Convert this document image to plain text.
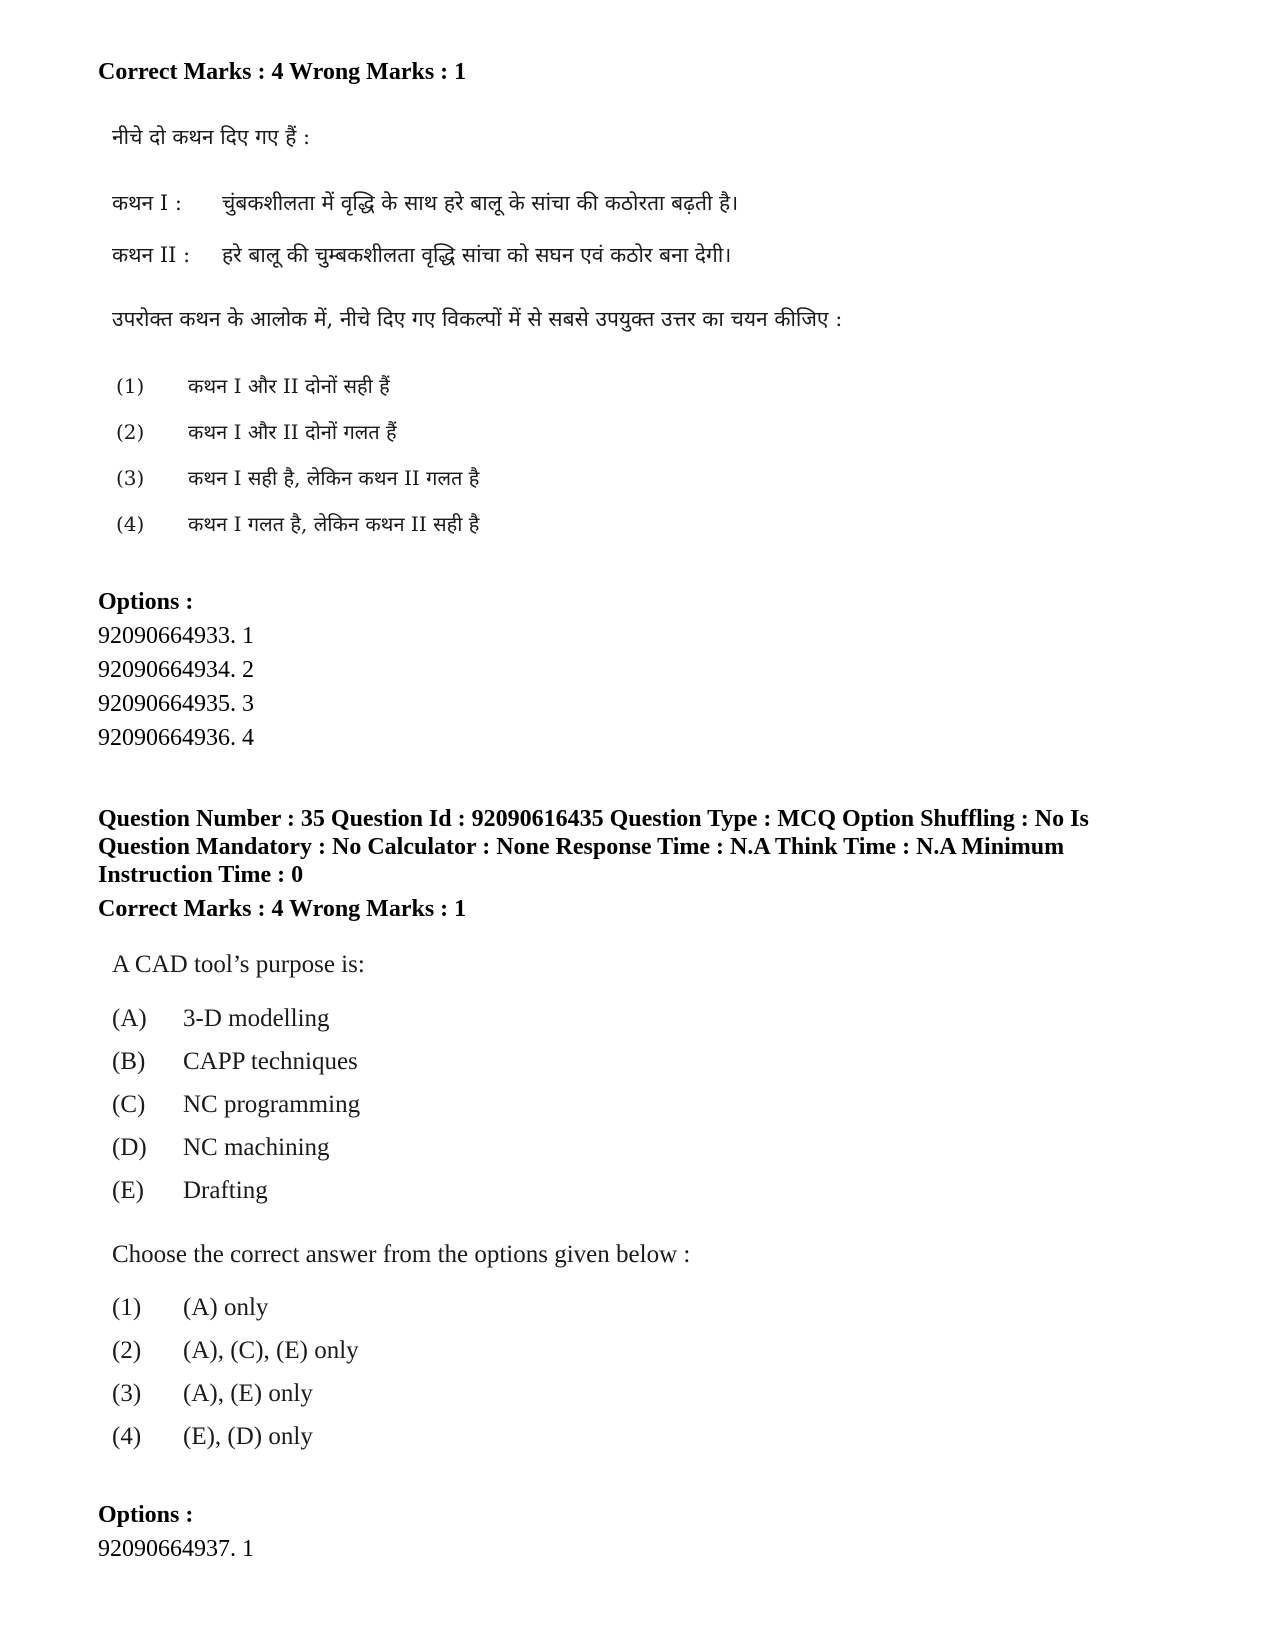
Correct Marks : 4 Wrong Marks : 1
नीचे दो कथन दिए गए हैं :
कथन I : चुंबकशीलता में वृद्धि के साथ हरे बालू के सांचा की कठोरता बढ़ती है।
कथन II : हरे बालू की चुम्बकशीलता वृद्धि सांचा को सघन एवं कठोर बना देगी।
उपरोक्त कथन के आलोक में, नीचे दिए गए विकल्पों में से सबसे उपयुक्त उत्तर का चयन कीजिए :
(1) कथन I और II दोनों सही हैं
(2) कथन I और II दोनों गलत हैं
(3) कथन I सही है, लेकिन कथन II गलत है
(4) कथन I गलत है, लेकिन कथन II सही है
Options :
92090664933. 1
92090664934. 2
92090664935. 3
92090664936. 4
Question Number : 35 Question Id : 92090616435 Question Type : MCQ Option Shuffling : No Is
Question Mandatory : No Calculator : None Response Time : N.A Think Time : N.A Minimum
Instruction Time : 0
Correct Marks : 4 Wrong Marks : 1
A CAD tool’s purpose is:
(A) 3-D modelling
(B) CAPP techniques
(C) NC programming
(D) NC machining
(E) Drafting
Choose the correct answer from the options given below :
(1) (A) only
(2) (A), (C), (E) only
(3) (A), (E) only
(4) (E), (D) only
Options :
92090664937. 1
